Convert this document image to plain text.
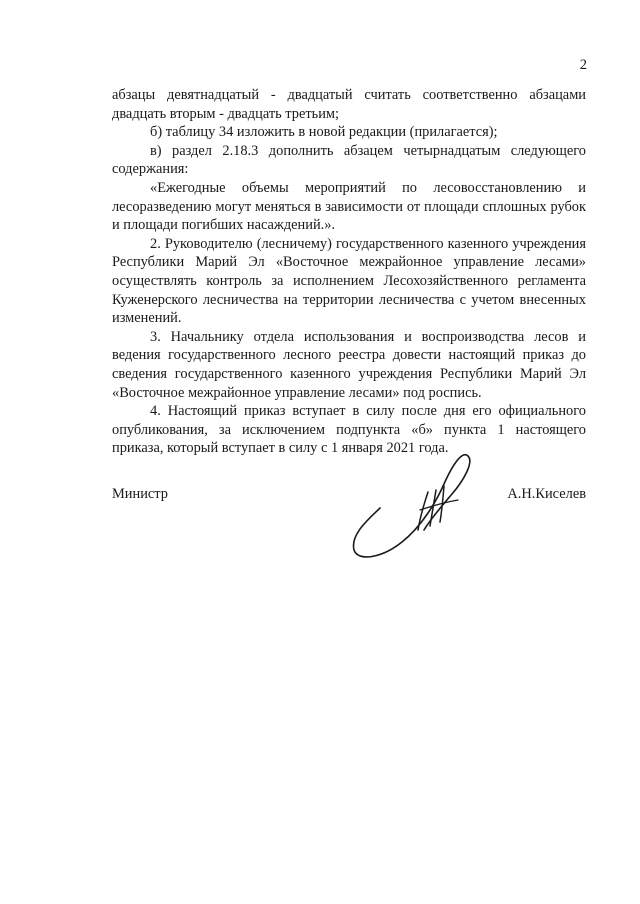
2

абзацы девятнадцатый - двадцатый считать соответственно абзацами двадцать вторым - двадцать третьим;

б) таблицу 34 изложить в новой редакции (прилагается);

в) раздел 2.18.3 дополнить абзацем четырнадцатым следующего содержания:

«Ежегодные объемы мероприятий по лесовосстановлению и лесоразведению могут меняться в зависимости от площади сплошных рубок и площади погибших насаждений.».

2. Руководителю (лесничему) государственного казенного учреждения Республики Марий Эл «Восточное межрайонное управление лесами» осуществлять контроль за исполнением Лесохозяйственного регламента Куженерского лесничества на территории лесничества с учетом внесенных изменений.

3. Начальнику отдела использования и воспроизводства лесов и ведения государственного лесного реестра довести настоящий приказ до сведения государственного казенного учреждения Республики Марий Эл «Восточное межрайонное управление лесами» под роспись.

4. Настоящий приказ вступает в силу после дня его официального опубликования, за исключением подпункта «б» пункта 1 настоящего приказа, который вступает в силу с 1 января 2021 года.

Министр	А.Н.Киселев
